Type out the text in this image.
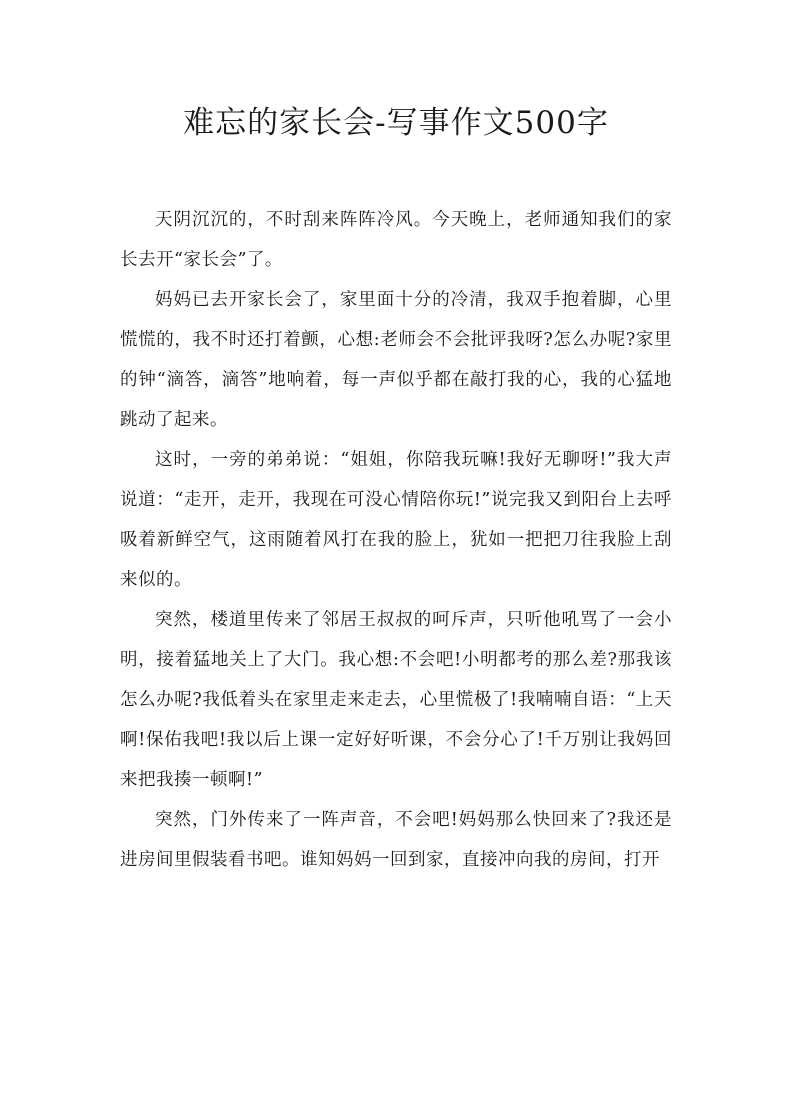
难忘的家长会-写事作文500字

天阴沉沉的，不时刮来阵阵冷风。今天晚上，老师通知我们的家长去开“家长会”了。

妈妈已去开家长会了，家里面十分的冷清，我双手抱着脚，心里慌慌的，我不时还打着颤，心想:老师会不会批评我呀?怎么办呢?家里的钟“滴答，滴答”地响着，每一声似乎都在敲打我的心，我的心猛地跳动了起来。

这时，一旁的弟弟说：“姐姐，你陪我玩嘛!我好无聊呀!”我大声说道：“走开，走开，我现在可没心情陪你玩!”说完我又到阳台上去呼吸着新鲜空气，这雨随着风打在我的脸上，犹如一把把刀往我脸上刮来似的。

突然，楼道里传来了邻居王叔叔的呵斥声，只听他吼骂了一会小明，接着猛地关上了大门。我心想:不会吧!小明都考的那么差?那我该怎么办呢?我低着头在家里走来走去，心里慌极了!我喃喃自语：“上天啊!保佑我吧!我以后上课一定好好听课，不会分心了!千万别让我妈回来把我揍一顿啊!”

突然，门外传来了一阵声音，不会吧!妈妈那么快回来了?我还是进房间里假装看书吧。谁知妈妈一回到家，直接冲向我的房间，打开
